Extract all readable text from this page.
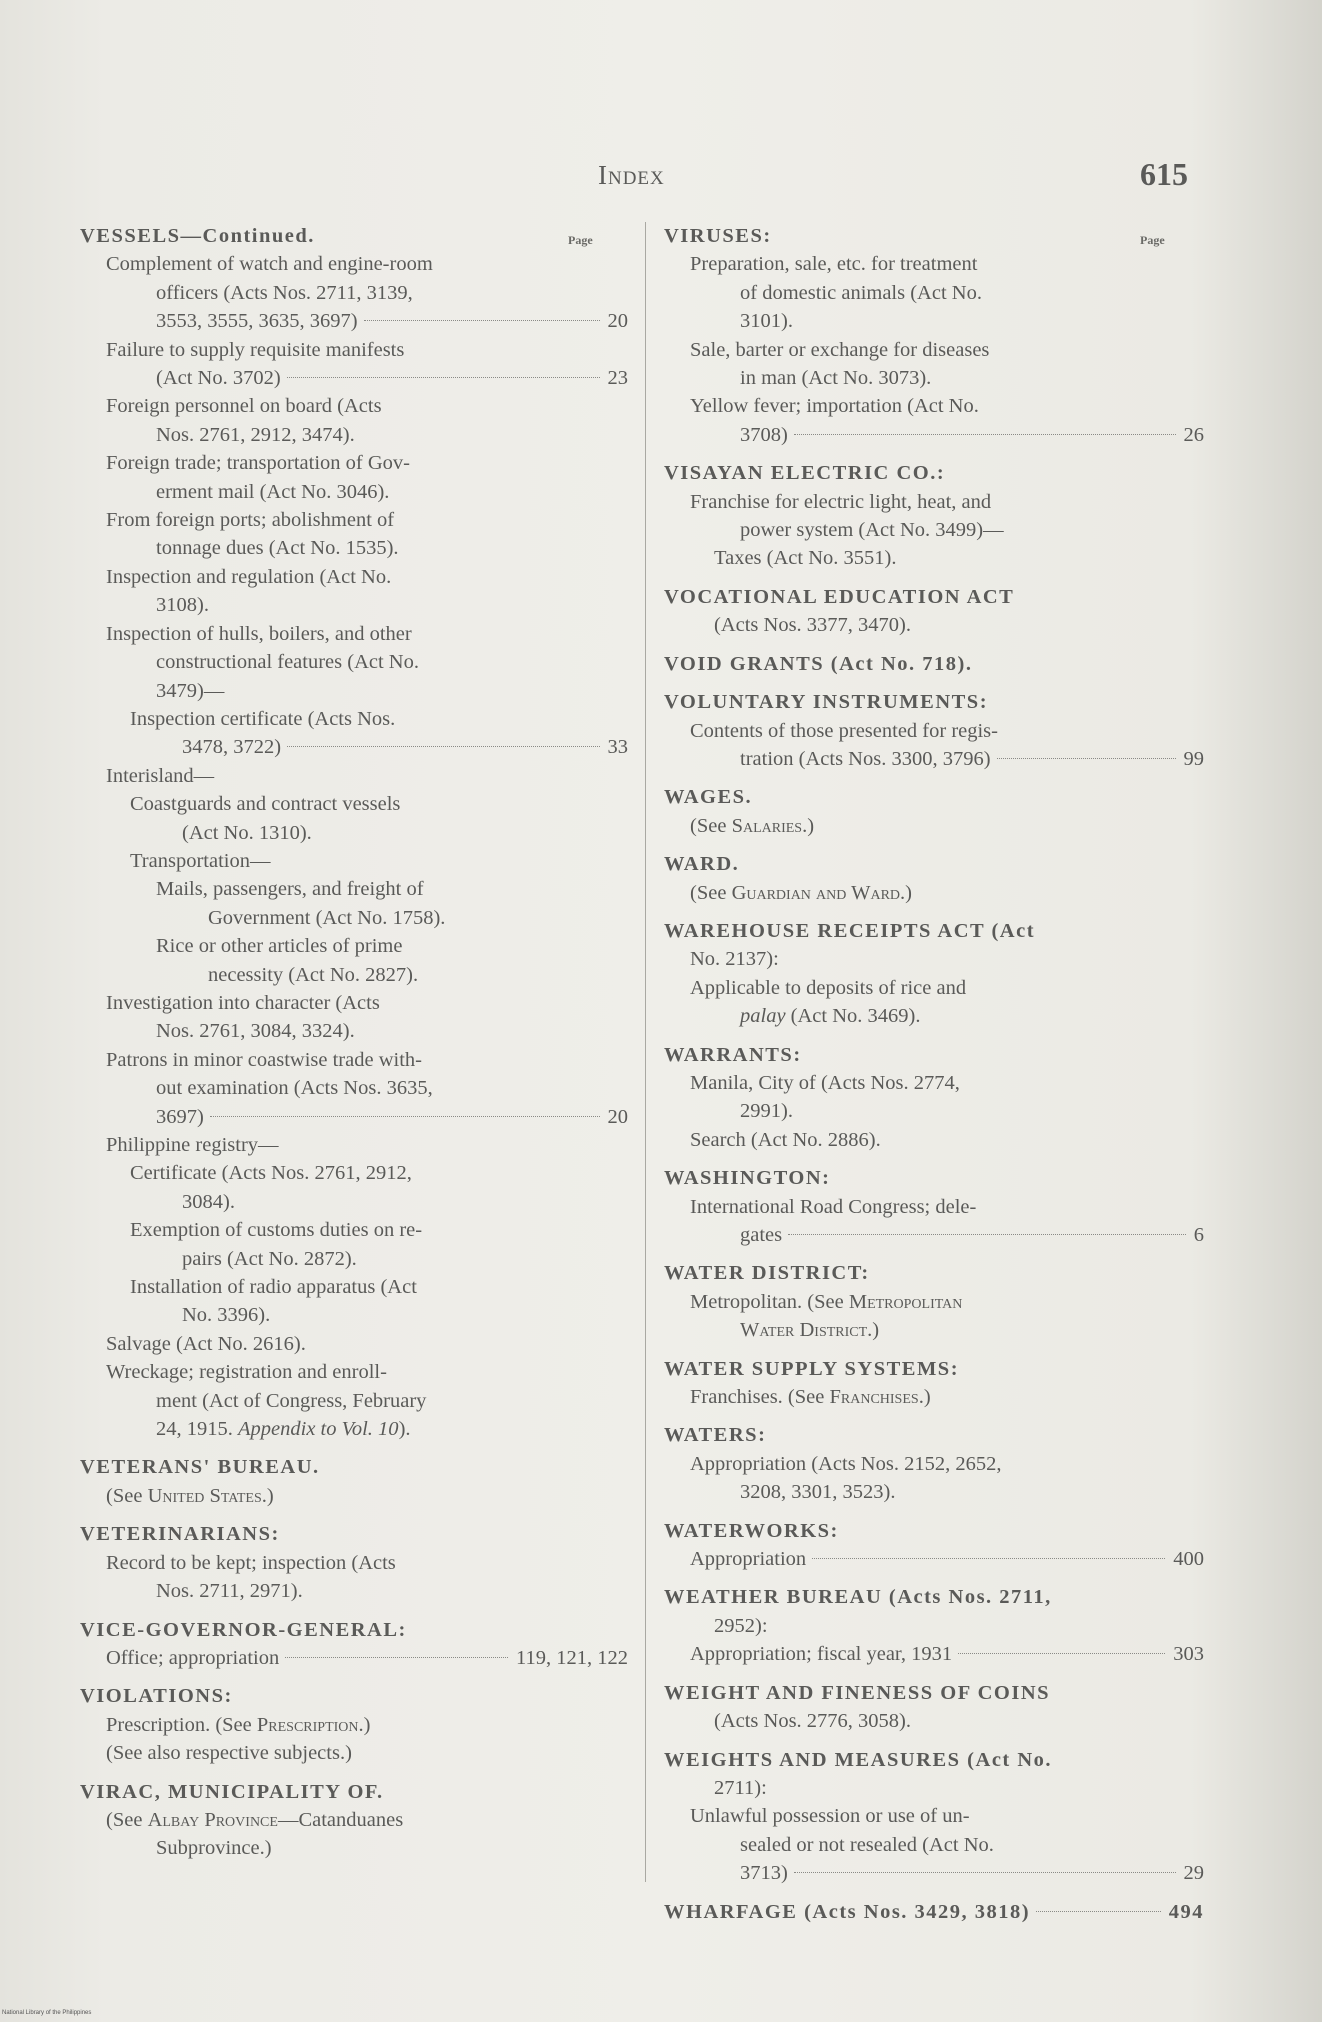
Index	615
Page
VESSELS—Continued.
Complement of watch and engine-room
officers (Acts Nos. 2711, 3139,
3553, 3555, 3635, 3697)	20
Failure to supply requisite manifests
(Act No. 3702)	23
Foreign personnel on board (Acts
Nos. 2761, 2912, 3474).
Foreign trade; transportation of Gov-
erment mail (Act No. 3046).
From foreign ports; abolishment of
tonnage dues (Act No. 1535).
Inspection and regulation (Act No.
3108).
Inspection of hulls, boilers, and other
constructional features (Act No.
3479)—
Inspection certificate (Acts Nos.
3478, 3722)	33
Interisland—
Coastguards and contract vessels
(Act No. 1310).
Transportation—
Mails, passengers, and freight of
Government (Act No. 1758).
Rice or other articles of prime
necessity (Act No. 2827).
Investigation into character (Acts
Nos. 2761, 3084, 3324).
Patrons in minor coastwise trade with-
out examination (Acts Nos. 3635,
3697)	20
Philippine registry—
Certificate (Acts Nos. 2761, 2912,
3084).
Exemption of customs duties on re-
pairs (Act No. 2872).
Installation of radio apparatus (Act
No. 3396).
Salvage (Act No. 2616).
Wreckage; registration and enroll-
ment (Act of Congress, February
24, 1915. Appendix to Vol. 10).
VETERANS' BUREAU.
(See United States.)
VETERINARIANS:
Record to be kept; inspection (Acts
Nos. 2711, 2971).
VICE-GOVERNOR-GENERAL:
Office; appropriation	119, 121, 122
VIOLATIONS:
Prescription. (See Prescription.)
(See also respective subjects.)
VIRAC, MUNICIPALITY OF.
(See Albay Province—Catanduanes
Subprovince.)
Page
VIRUSES:
Preparation, sale, etc. for treatment
of domestic animals (Act No.
3101).
Sale, barter or exchange for diseases
in man (Act No. 3073).
Yellow fever; importation (Act No.
3708)	26
VISAYAN ELECTRIC CO.:
Franchise for electric light, heat, and
power system (Act No. 3499)—
Taxes (Act No. 3551).
VOCATIONAL EDUCATION ACT
(Acts Nos. 3377, 3470).
VOID GRANTS (Act No. 718).
VOLUNTARY INSTRUMENTS:
Contents of those presented for regis-
tration (Acts Nos. 3300, 3796)	99
WAGES.
(See Salaries.)
WARD.
(See Guardian and Ward.)
WAREHOUSE RECEIPTS ACT (Act
No. 2137):
Applicable to deposits of rice and
palay (Act No. 3469).
WARRANTS:
Manila, City of (Acts Nos. 2774,
2991).
Search (Act No. 2886).
WASHINGTON:
International Road Congress; dele-
gates	6
WATER DISTRICT:
Metropolitan. (See Metropolitan
Water District.)
WATER SUPPLY SYSTEMS:
Franchises. (See Franchises.)
WATERS:
Appropriation (Acts Nos. 2152, 2652,
3208, 3301, 3523).
WATERWORKS:
Appropriation	400
WEATHER BUREAU (Acts Nos. 2711,
2952):
Appropriation; fiscal year, 1931	303
WEIGHT AND FINENESS OF COINS
(Acts Nos. 2776, 3058).
WEIGHTS AND MEASURES (Act No.
2711):
Unlawful possession or use of un-
sealed or not resealed (Act No.
3713)	29
WHARFAGE (Acts Nos. 3429, 3818)	494
National Library of the Philippines
